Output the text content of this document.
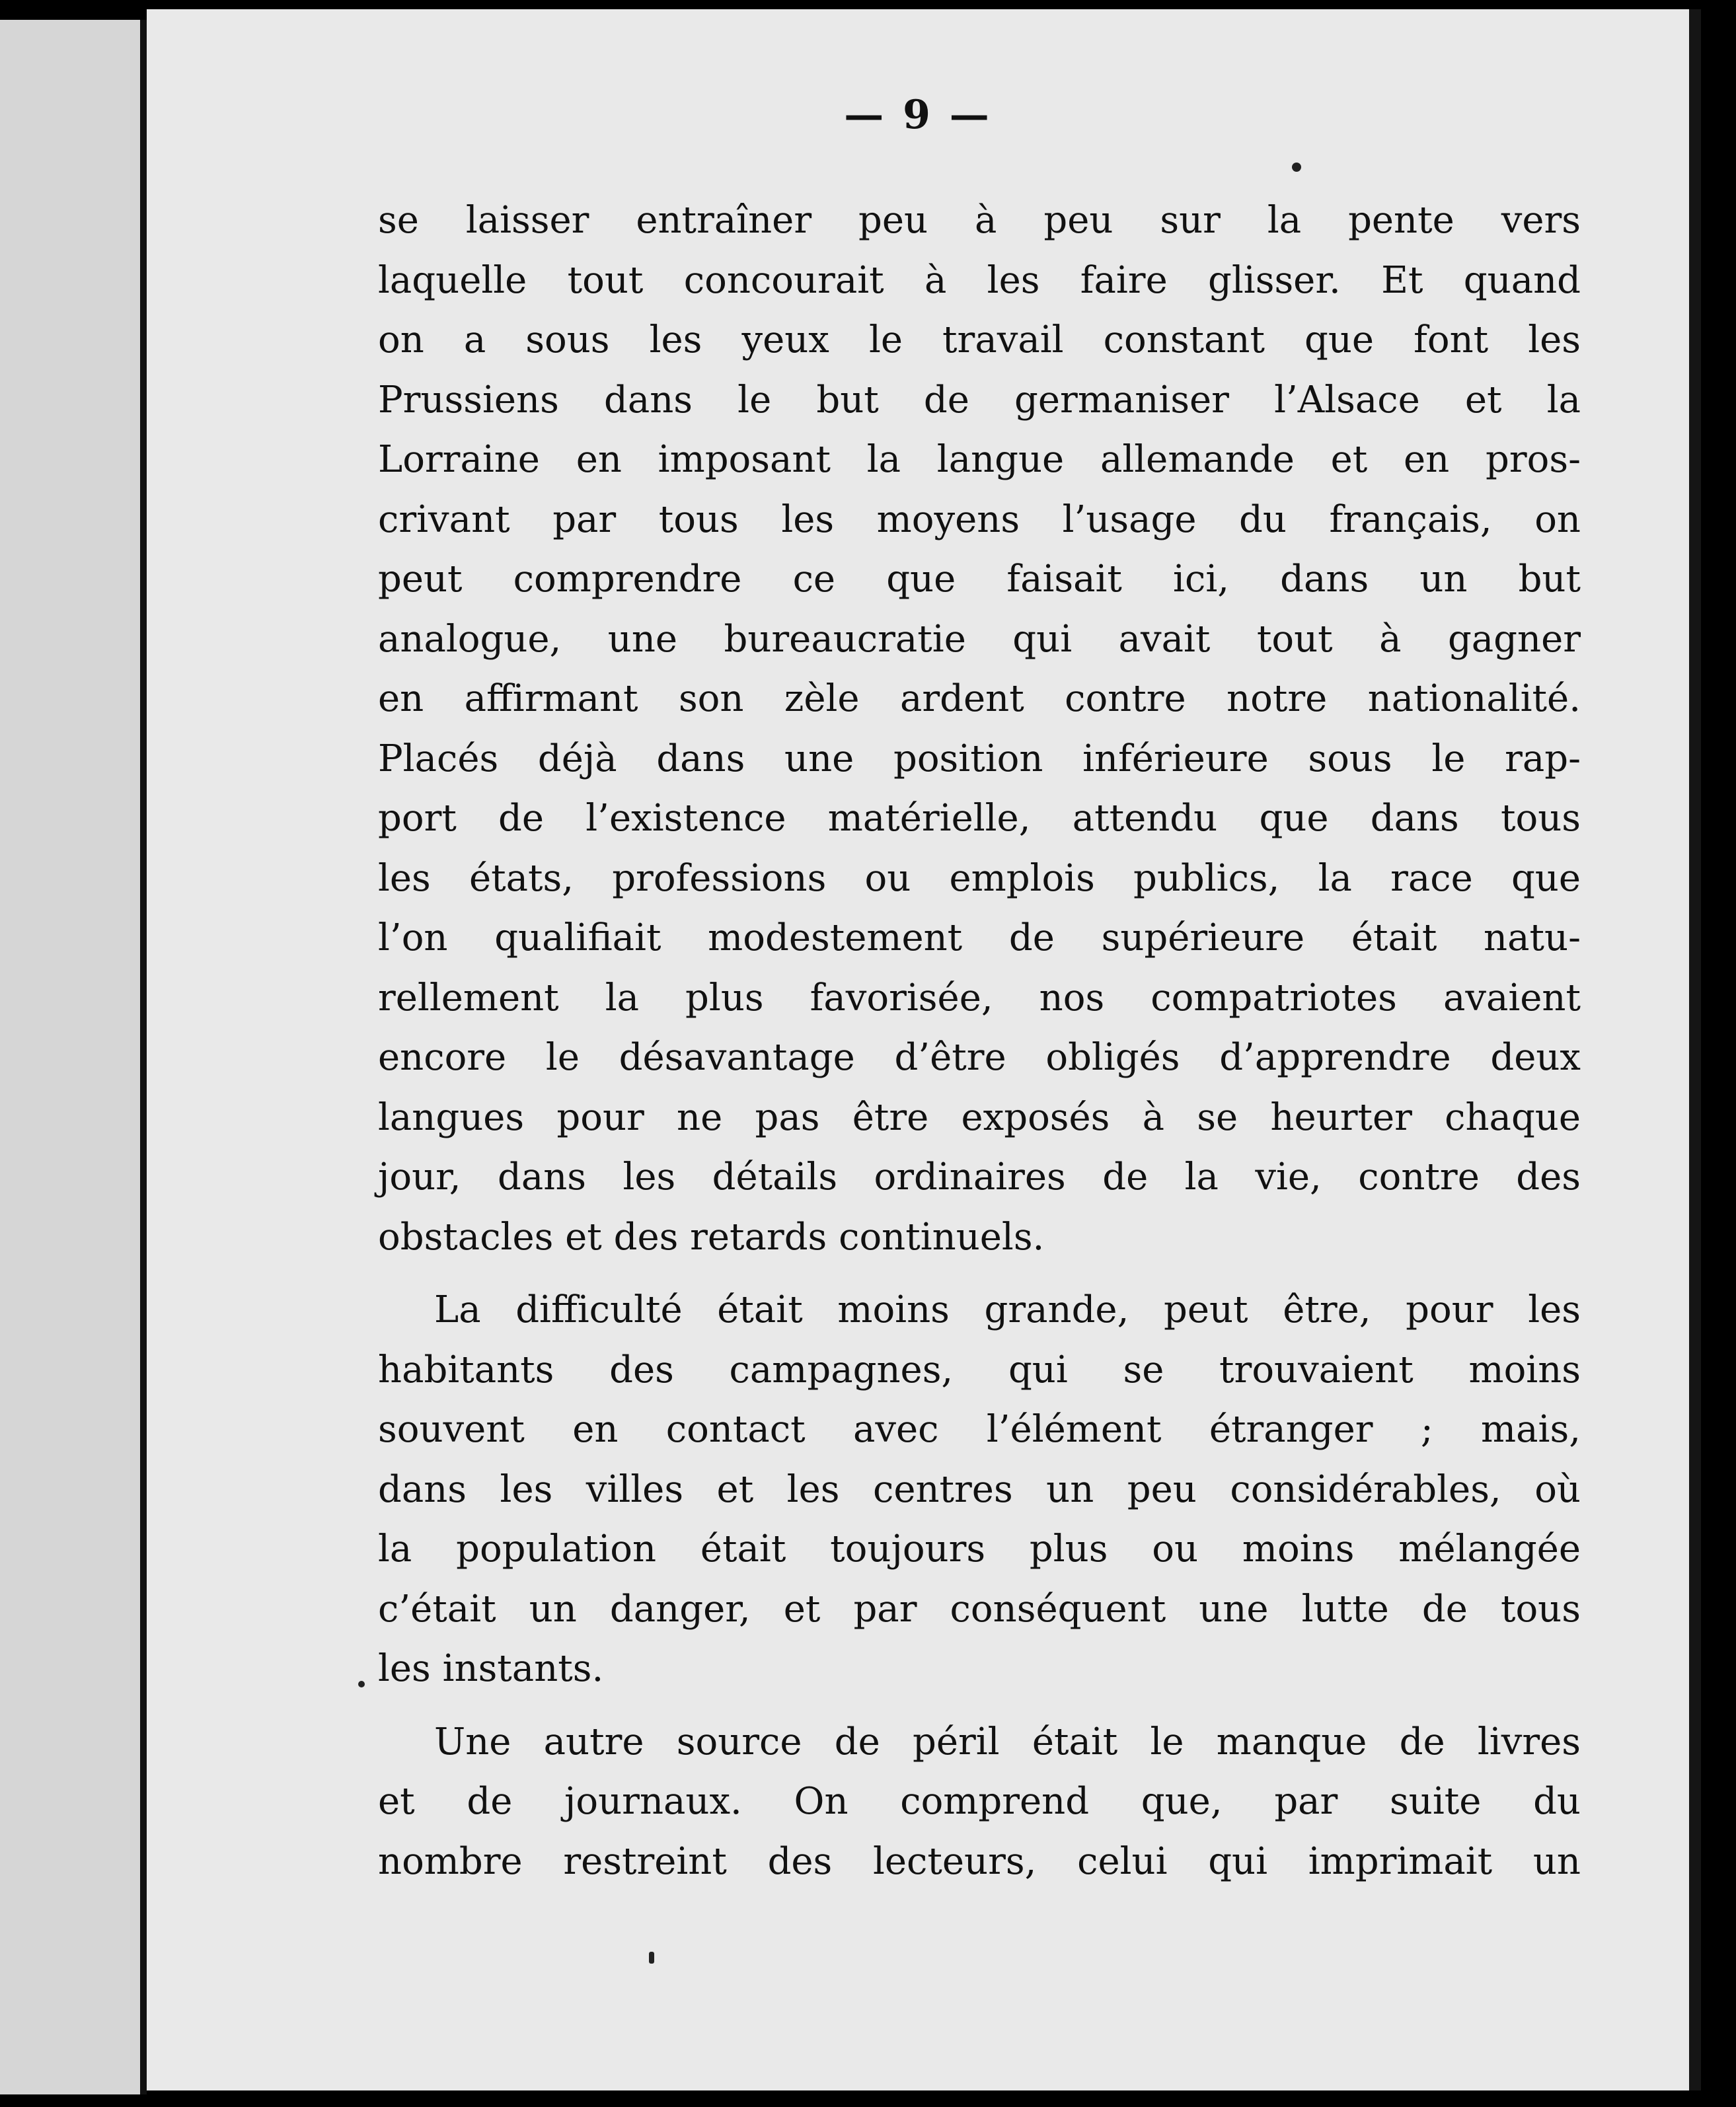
— 9 —

se laisser entraîner peu à peu sur la pente vers
laquelle tout concourait à les faire glisser. Et quand
on a sous les yeux le travail constant que font les
Prussiens dans le but de germaniser l’Alsace et la
Lorraine en imposant la langue allemande et en pros-
crivant par tous les moyens l’usage du français, on
peut comprendre ce que faisait ici, dans un but
analogue, une bureaucratie qui avait tout à gagner
en affirmant son zèle ardent contre notre nationalité.
Placés déjà dans une position inférieure sous le rap-
port de l’existence matérielle, attendu que dans tous
les états, professions ou emplois publics, la race que
l’on qualifiait modestement de supérieure était natu-
rellement la plus favorisée, nos compatriotes avaient
encore le désavantage d’être obligés d’apprendre deux
langues pour ne pas être exposés à se heurter chaque
jour, dans les détails ordinaires de la vie, contre des
obstacles et des retards continuels.

La difficulté était moins grande, peut être, pour les
habitants des campagnes, qui se trouvaient moins
souvent en contact avec l’élément étranger ; mais,
dans les villes et les centres un peu considérables, où
la population était toujours plus ou moins mélangée
c’était un danger, et par conséquent une lutte de tous
les instants.

Une autre source de péril était le manque de livres
et de journaux. On comprend que, par suite du
nombre restreint des lecteurs, celui qui imprimait un
